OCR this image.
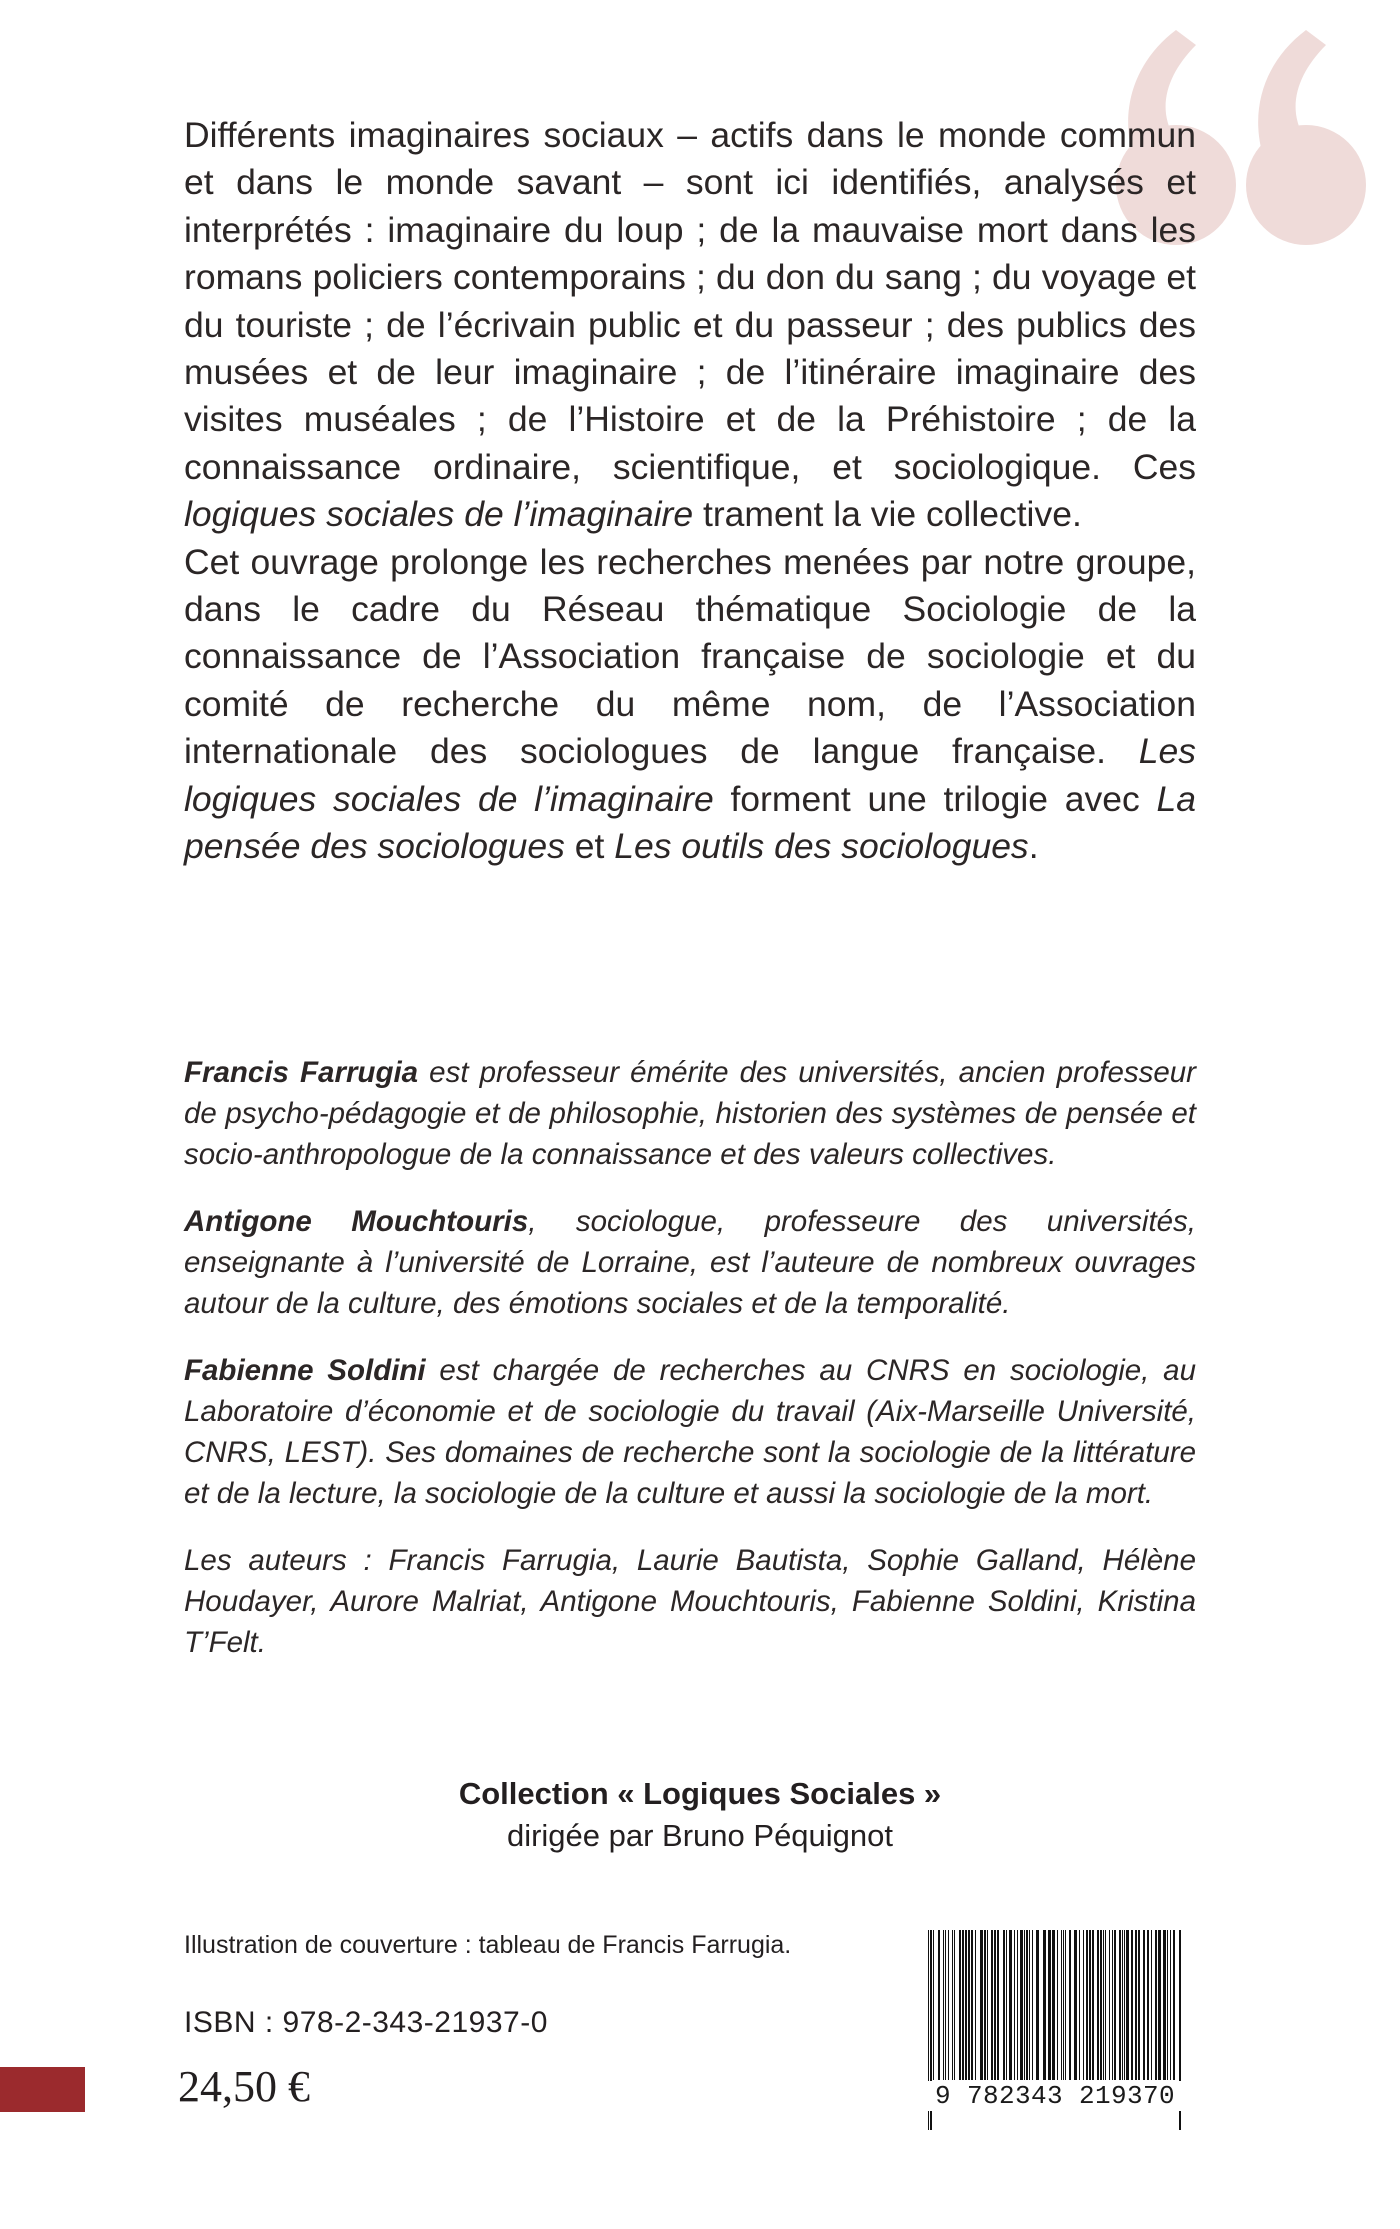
Différents imaginaires sociaux – actifs dans le monde commun et dans le monde savant – sont ici identifiés, analysés et interprétés : imaginaire du loup ; de la mauvaise mort dans les romans policiers contemporains ; du don du sang ; du voyage et du touriste ; de l’écrivain public et du passeur ; des publics des musées et de leur imaginaire ; de l’itinéraire imaginaire des visites muséales ; de l’Histoire et de la Préhistoire ; de la connaissance ordinaire, scientifique, et sociologique. Ces logiques sociales de l’imaginaire trament la vie collective.

Cet ouvrage prolonge les recherches menées par notre groupe, dans le cadre du Réseau thématique Sociologie de la connaissance de l’Association française de sociologie et du comité de recherche du même nom, de l’Association internationale des sociologues de langue française. Les logiques sociales de l’imaginaire forment une trilogie avec La pensée des sociologues et Les outils des sociologues.

Francis Farrugia est professeur émérite des universités, ancien professeur de psycho-pédagogie et de philosophie, historien des systèmes de pensée et socio-anthropologue de la connaissance et des valeurs collectives.

Antigone Mouchtouris, sociologue, professeure des universités, enseignante à l’université de Lorraine, est l’auteure de nombreux ouvrages autour de la culture, des émotions sociales et de la temporalité.

Fabienne Soldini est chargée de recherches au CNRS en sociologie, au Laboratoire d’économie et de sociologie du travail (Aix-Marseille Université, CNRS, LEST). Ses domaines de recherche sont la sociologie de la littérature et de la lecture, la sociologie de la culture et aussi la sociologie de la mort.

Les auteurs : Francis Farrugia, Laurie Bautista, Sophie Galland, Hélène Houdayer, Aurore Malriat, Antigone Mouchtouris, Fabienne Soldini, Kristina T’Felt.

Collection « Logiques Sociales »
dirigée par Bruno Péquignot
Illustration de couverture : tableau de Francis Farrugia.
ISBN : 978-2-343-21937-0
24,50 €	9 782343 219370
